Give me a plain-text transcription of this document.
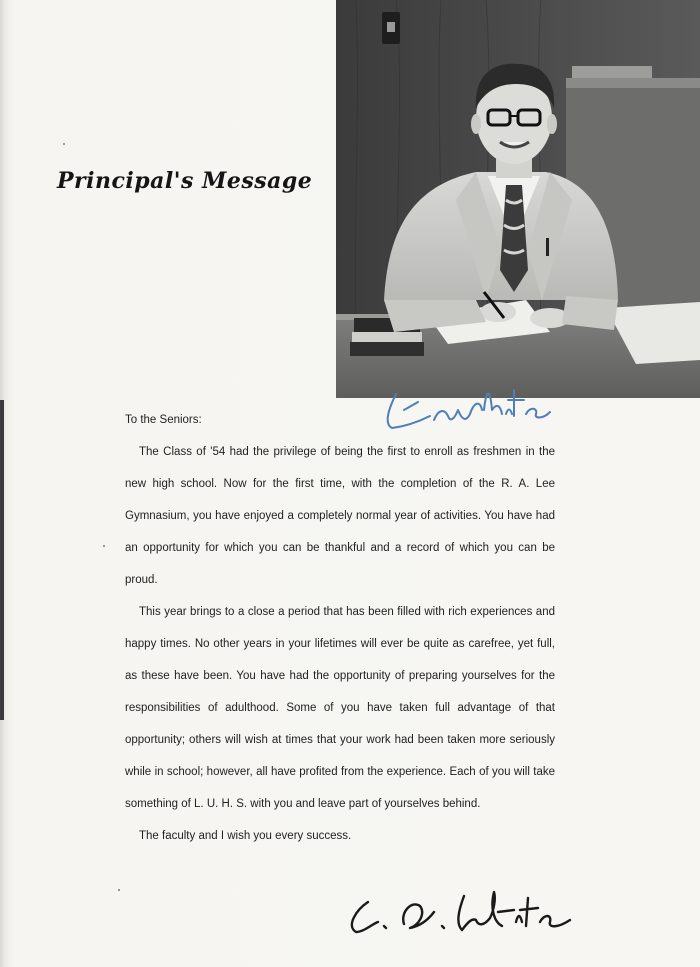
Principal's Message

To the Seniors:

The Class of '54 had the privilege of being the first to enroll as freshmen in the new high school. Now for the first time, with the completion of the R. A. Lee Gymnasium, you have enjoyed a completely normal year of activities. You have had an opportunity for which you can be thankful and a record of which you can be proud.

This year brings to a close a period that has been filled with rich experiences and happy times. No other years in your lifetimes will ever be quite as carefree, yet full, as these have been. You have had the opportunity of preparing yourselves for the responsibilities of adulthood. Some of you have taken full advantage of that opportunity; others will wish at times that your work had been taken more seriously while in school; however, all have profited from the experience. Each of you will take something of L. U. H. S. with you and leave part of yourselves behind.

The faculty and I wish you every success.
